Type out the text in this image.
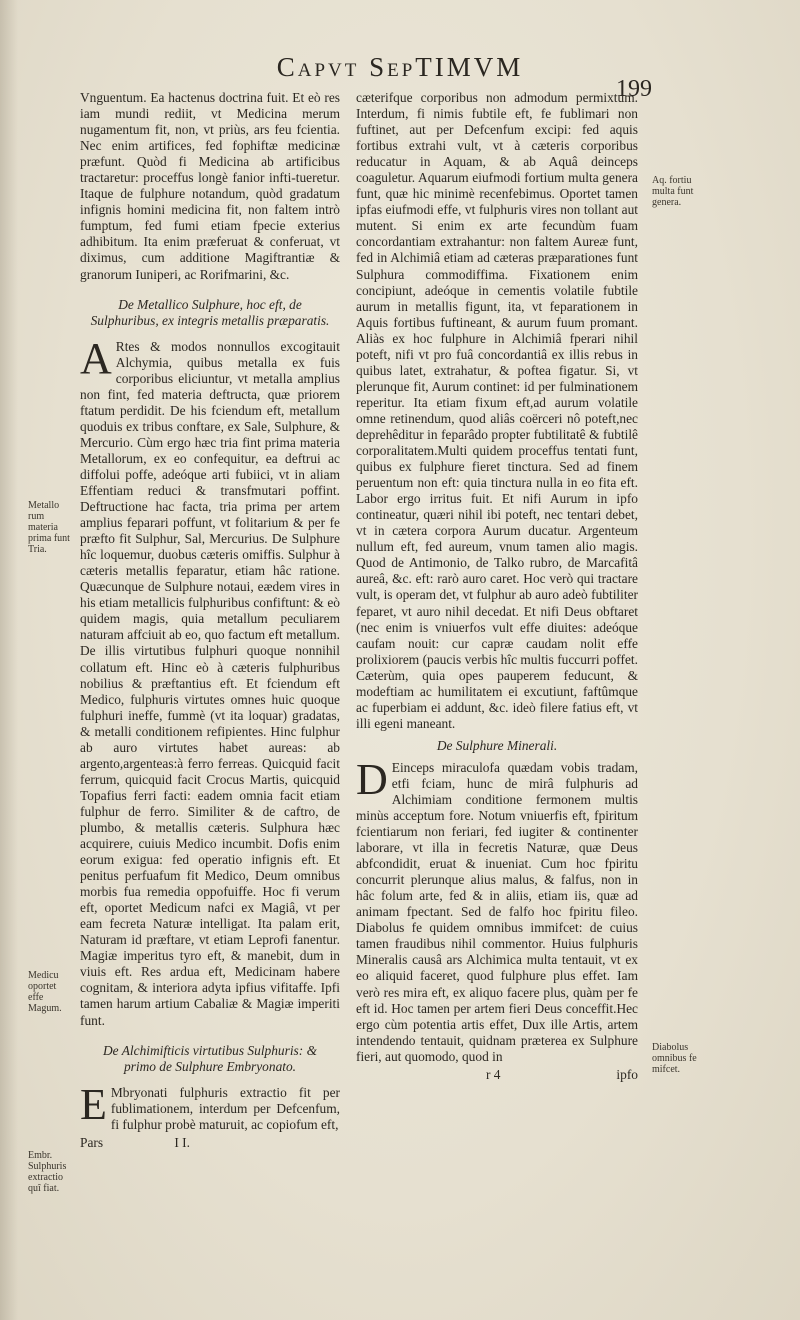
Capvt SepTIMVM
199

Vnguentum. Ea hactenus doctrina fuit. Et eò res iam mundi rediit, vt Medicina merum nugamentum fit, non, vt priùs, ars feu fcientia. Nec enim artifices, fed fophiftæ medicinæ præfunt. Quòd fi Medicina ab artificibus tractaretur: proceffus longè fanior infti-tueretur. Itaque de fulphure notandum, quòd gradatum infignis homini medicina fit, non faltem intrò fumptum, fed fumi etiam fpecie exterius adhibitum. Ita enim præferuat & conferuat, vt diximus, cum additione Magiftrantiæ & granorum Iuniperi, ac Rorifmarini, &c.

De Metallico Sulphure, hoc eft, de Sulphuribus, ex integris metallis præparatis.

A Rtes & modos nonnullos excogitauit Alchymia, quibus metalla ex fuis corporibus eliciuntur, vt metalla amplius non fint, fed materia deftructa, quæ priorem ftatum perdidit. De his fciendum eft, metallum quoduis ex tribus conftare, ex Sale, Sulphure, & Mercurio. Cùm ergo hæc tria fint prima materia Metallorum, ex eo confequitur, ea deftrui ac diffolui poffe, adeóque arti fubiici, vt in aliam Effentiam reduci & transfmutari poffint. Deftructione hac facta, tria prima per artem amplius feparari poffunt, vt folitarium & per fe præfto fit Sulphur, Sal, Mercurius. De Sulphure hîc loquemur, duobus cæteris omiffis. Sulphur à cæteris metallis feparatur, etiam hâc ratione. Quæcunque de Sulphure notaui, eædem vires in his etiam metallicis fulphuribus confiftunt: & eò quidem magis, quia metallum peculiarem naturam affciuit ab eo, quo factum eft metallum. De illis virtutibus fulphuri quoque nonnihil collatum eft. Hinc eò à cæteris fulphuribus nobilius & præftantius eft. Et fciendum eft Medico, fulphuris virtutes omnes huic quoque fulphuri ineffe, fummè (vt ita loquar) gradatas, & metalli conditionem refipientes. Hinc fulphur ab auro virtutes habet aureas: ab argento,argenteas:à ferro ferreas. Quicquid facit ferrum, quicquid facit Crocus Martis, quicquid Topafius ferri facti: eadem omnia facit etiam fulphur de ferro. Similiter & de caftro, de plumbo, & metallis cæteris. Sulphura hæc acquirere, cuiuis Medico incumbit. Dofis enim eorum exigua: fed operatio infignis eft. Et penitus perfuafum fit Medico, Deum omnibus morbis fua remedia oppofuiffe. Hoc fi verum eft, oportet Medicum nafci ex Magiâ, vt per eam fecreta Naturæ intelligat. Ita palam erit, Naturam id præftare, vt etiam Leprofi fanentur. Magiæ imperitus tyro eft, & manebit, dum in viuis eft. Res ardua eft, Medicinam habere cognitam, & interiora adyta ipfius vifitaffe. Ipfi tamen harum artium Cabaliæ & Magiæ imperiti funt.

De Alchimifticis virtutibus Sulphuris: & primo de Sulphure Embryonato.

E Mbryonati fulphuris extractio fit per fublimationem, interdum per Defcenfum, fi fulphur probè maturuit, ac copiofum eft,

Pars	I I.

cæterifque corporibus non admodum permixtum. Interdum, fi nimis fubtile eft, fe fublimari non fuftinet, aut per Defcenfum excipi: fed aquis fortibus extrahi vult, vt à cæteris corporibus reducatur in Aquam, & ab Aquâ deinceps coaguletur. Aquarum eiufmodi fortium multa genera funt, quæ hic minimè recenfebimus. Oportet tamen ipfas eiufmodi effe, vt fulphuris vires non tollant aut mutent. Si enim ex arte fecundùm fuam concordantiam extrahantur: non faltem Aureæ funt, fed in Alchimiâ etiam ad cæteras præparationes funt Sulphura commodiffima. Fixationem enim concipiunt, adeóque in cementis volatile fubtile aurum in metallis figunt, ita, vt feparationem in Aquis fortibus fuftineant, & aurum fuum promant. Aliàs ex hoc fulphure in Alchimiâ fperari nihil poteft, nifi vt pro fuâ concordantiâ ex illis rebus in quibus latet, extrahatur, & poftea figatur. Si, vt plerunque fit, Aurum continet: id per fulminationem reperitur. Ita etiam fixum eft,ad aurum volatile omne retinendum, quod aliâs coërceri nô poteft,nec deprehêditur in feparâdo propter fubtilitatê & fubtilê corporalitatem.Multi quidem proceffus tentati funt, quibus ex fulphure fieret tinctura. Sed ad finem peruentum non eft: quia tinctura nulla in eo fita eft. Labor ergo irritus fuit. Et nifi Aurum in ipfo contineatur, quæri nihil ibi poteft, nec tentari debet, vt in cætera corpora Aurum ducatur. Argenteum nullum eft, fed aureum, vnum tamen alio magis. Quod de Antimonio, de Talko rubro, de Marcafitâ aureâ, &c. eft: rarò auro caret. Hoc verò qui tractare vult, is operam det, vt fulphur ab auro adeò fubtiliter feparet, vt auro nihil decedat. Et nifi Deus obftaret (nec enim is vniuerfos vult effe diuites: adeóque caufam nouit: cur capræ caudam nolit effe prolixiorem (paucis verbis hîc multis fuccurri poffet. Cæterùm, quia opes pauperem feducunt, & modeftiam ac humilitatem ei excutiunt, faftûmque ac fuperbiam ei addunt, &c. ideò filere fatius eft, vt illi egeni maneant.

De Sulphure Minerali.

D Einceps miraculofa quædam vobis tradam, etfi fciam, hunc de mirâ fulphuris ad Alchimiam conditione fermonem multis minùs acceptum fore. Notum vniuerfis eft, fpiritum fcientiarum non feriari, fed iugiter & continenter laborare, vt illa in fecretis Naturæ, quæ Deus abfcondidit, eruat & inueniat. Cum hoc fpiritu concurrit plerunque alius malus, & falfus, non in hâc folum arte, fed & in aliis, etiam iis, quæ ad animam fpectant. Sed de falfo hoc fpiritu fileo. Diabolus fe quidem omnibus immifcet: de cuius tamen fraudibus nihil commentor. Huius fulphuris Mineralis causâ ars Alchimica multa tentauit, vt ex eo aliquid faceret, quod fulphure plus effet. Iam verò res mira eft, ex aliquo facere plus, quàm per fe eft id. Hoc tamen per artem fieri Deus conceffit.Hec ergo cùm potentia artis effet, Dux ille Artis, artem intendendo tentauit, quidnam præterea ex Sulphure fieri, aut quomodo, quod in

r 4	ipfo
Metallo rum materia prima funt Tria.
Medicu oportet effe Magum.
Embr. Sulphuris extractio quî fiat.
Aq. fortiu multa funt genera.
Diabolus omnibus fe mifcet.
